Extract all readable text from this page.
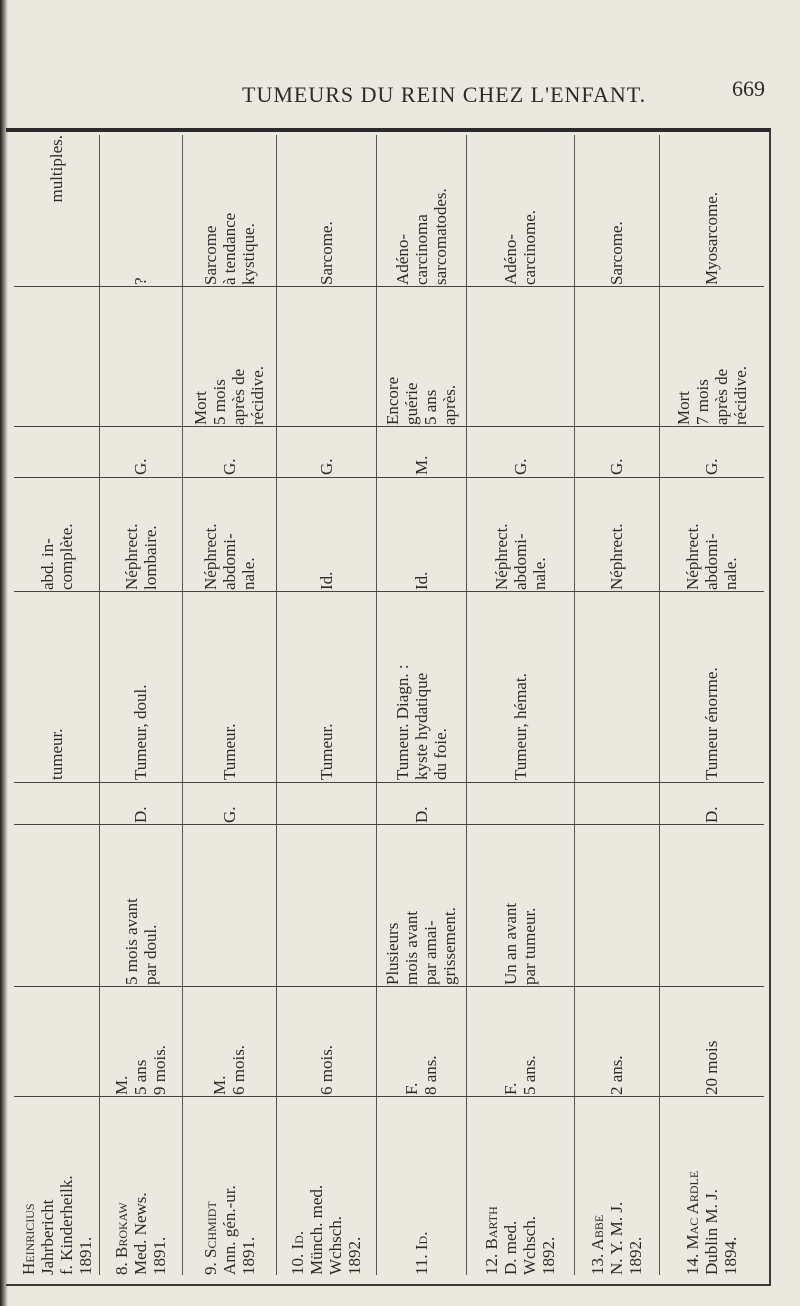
TUMEURS DU REIN CHEZ L'ENFANT.	669
Heinricius Jahrbericht f. Kinderheilk. 1891.
tumeur.
abd. in- complète.
multiples.
8. Brokaw Med. News. 1891.
M. 5 ans 9 mois.
5 mois avant par doul.
D.
Tumeur, doul.
Néphrect. lombaire.
G.
?
9. Schmidt Ann. gén.-ur. 1891.
M. 6 mois.
G.
Tumeur.
Néphrect. abdomi- nale.
G.
Mort 5 mois après de récidive.
Sarcome à tendance kystique.
10. Id. Münch. med. Wchsch. 1892.
6 mois.
Tumeur.
Id.
G.
Sarcome.
11. Id.
F. 8 ans.
Plusieurs mois avant par amai- grissement.
D.
Tumeur. Diagn. : kyste hydatique du foie.
Id.
M.
Encore guérie 5 ans après.
Adéno- carcinoma sarcomatodes.
12. Barth D. med. Wchsch. 1892.
F. 5 ans.
Un an avant par tumeur.
Tumeur, hémat.
Néphrect. abdomi- nale.
G.
Adéno- carcinome.
13. Abbe N. Y. M. J. 1892.
2 ans.
Néphrect.
G.
Sarcome.
14. Mac Ardle Dublin M. J. 1894.
20 mois
D.
Tumeur énorme.
Néphrect. abdomi- nale.
G.
Mort 7 mois après de récidive.
Myosarcome.
